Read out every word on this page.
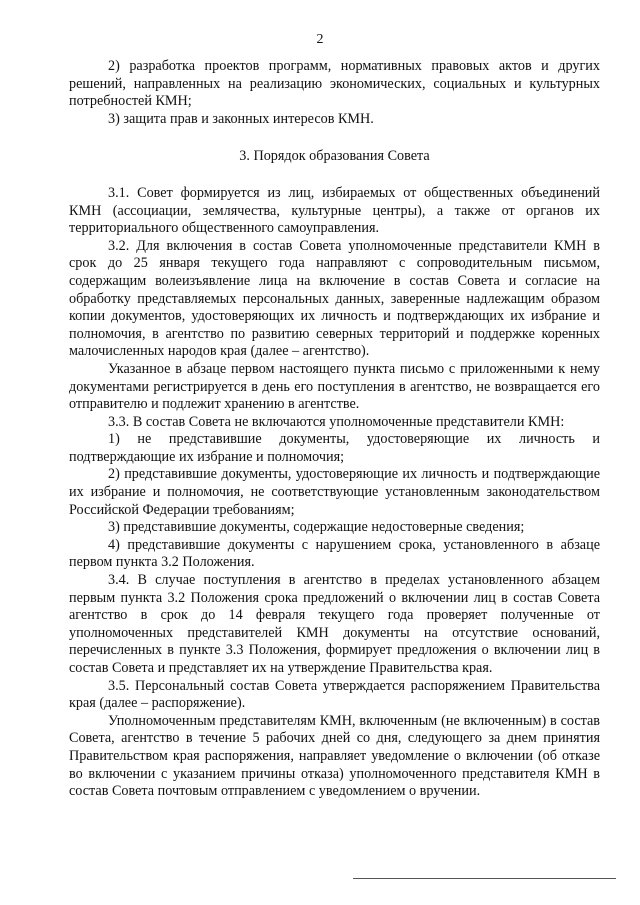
2

2) разработка проектов программ, нормативных правовых актов и других решений, направленных на реализацию экономических, социальных и культурных потребностей КМН;

3) защита прав и законных интересов КМН.

3. Порядок образования Совета

3.1. Совет формируется из лиц, избираемых от общественных объединений КМН (ассоциации, землячества, культурные центры), а также от органов их территориального общественного самоуправления.

3.2. Для включения в состав Совета уполномоченные представители КМН в срок до 25 января текущего года направляют с сопроводительным письмом, содержащим волеизъявление лица на включение в состав Совета и согласие на обработку представляемых персональных данных, заверенные надлежащим образом копии документов, удостоверяющих их личность и подтверждающих их избрание и полномочия, в агентство по развитию северных территорий и поддержке коренных малочисленных народов края (далее – агентство).

Указанное в абзаце первом настоящего пункта письмо с приложенными к нему документами регистрируется в день его поступления в агентство, не возвращается его отправителю и подлежит хранению в агентстве.

3.3. В состав Совета не включаются уполномоченные представители КМН:

1) не представившие документы, удостоверяющие их личность и подтверждающие их избрание и полномочия;

2) представившие документы, удостоверяющие их личность и подтверждающие их избрание и полномочия, не соответствующие установленным законодательством Российской Федерации требованиям;

3) представившие документы, содержащие недостоверные сведения;

4) представившие документы с нарушением срока, установленного в абзаце первом пункта 3.2 Положения.

3.4. В случае поступления в агентство в пределах установленного абзацем первым пункта 3.2 Положения срока предложений о включении лиц в состав Совета агентство в срок до 14 февраля текущего года проверяет полученные от уполномоченных представителей КМН документы на отсутствие оснований, перечисленных в пункте 3.3 Положения, формирует предложения о включении лиц в состав Совета и представляет их на утверждение Правительства края.

3.5. Персональный состав Совета утверждается распоряжением Правительства края (далее – распоряжение).

Уполномоченным представителям КМН, включенным (не включенным) в состав Совета, агентство в течение 5 рабочих дней со дня, следующего за днем принятия Правительством края распоряжения, направляет уведомление о включении (об отказе во включении с указанием причины отказа) уполномоченного представителя КМН в состав Совета почтовым отправлением с уведомлением о вручении.
